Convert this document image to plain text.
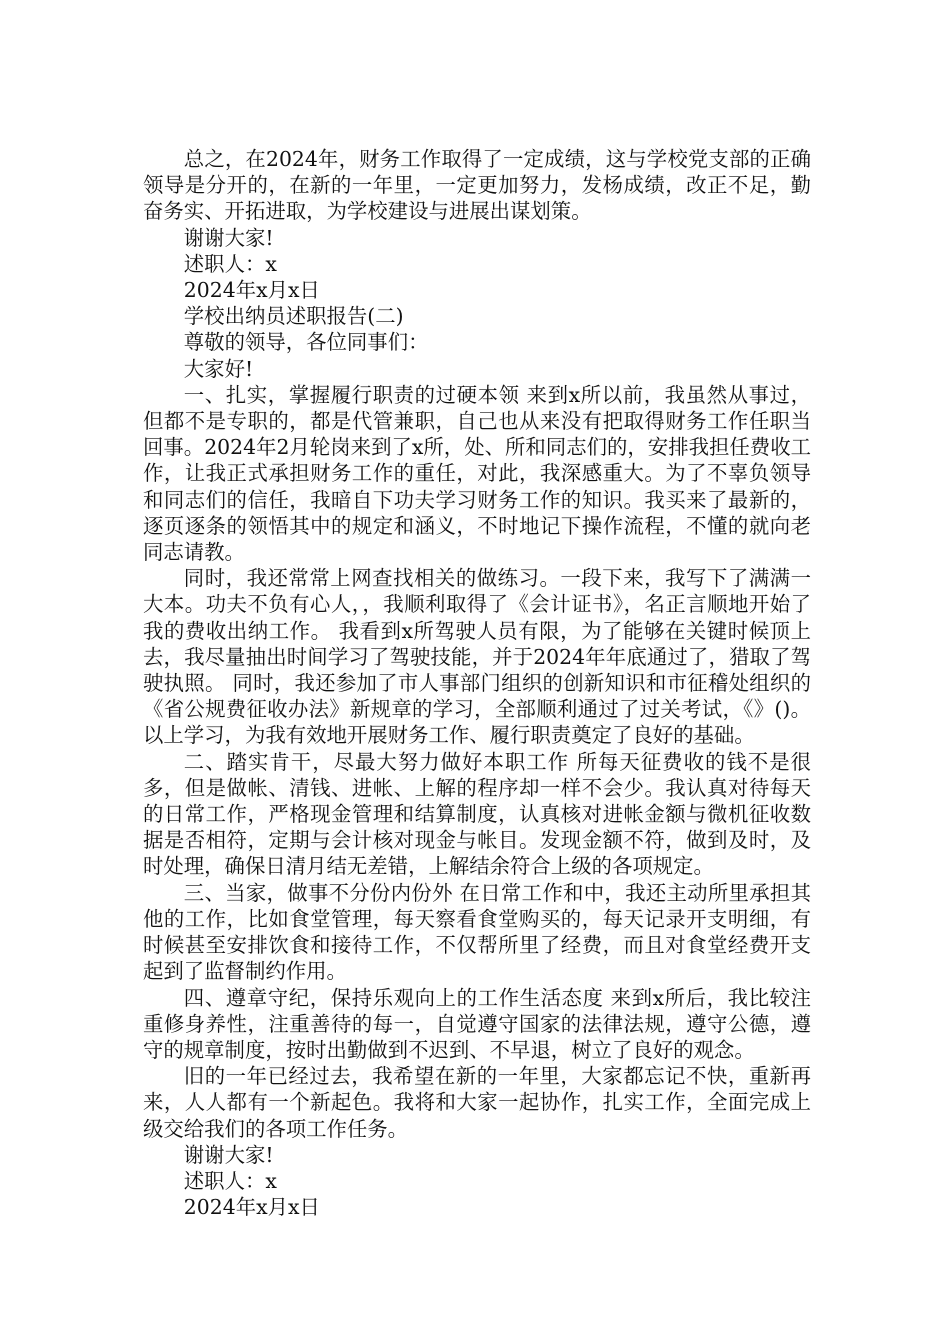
总之，在2024年，财务工作取得了一定成绩，这与学校党支部的正确领导是分开的，在新的一年里，一定更加努力，发杨成绩，改正不足，勤奋务实、开拓进取，为学校建设与进展出谋划策。

谢谢大家!

述职人：x

2024年x月x日

学校出纳员述职报告(二)

尊敬的领导，各位同事们：

大家好!

一、扎实，掌握履行职责的过硬本领 来到x所以前，我虽然从事过，但都不是专职的，都是代管兼职，自己也从来没有把取得财务工作任职当回事。2024年2月轮岗来到了x所，处、所和同志们的，安排我担任费收工作，让我正式承担财务工作的重任，对此，我深感重大。为了不辜负领导和同志们的信任，我暗自下功夫学习财务工作的知识。我买来了最新的，逐页逐条的领悟其中的规定和涵义，不时地记下操作流程，不懂的就向老同志请教。

同时，我还常常上网查找相关的做练习。一段下来，我写下了满满一大本。功夫不负有心人，，我顺利取得了《会计证书》，名正言顺地开始了我的费收出纳工作。 我看到x所驾驶人员有限，为了能够在关键时候顶上去，我尽量抽出时间学习了驾驶技能，并于2024年年底通过了，猎取了驾驶执照。 同时，我还参加了市人事部门组织的创新知识和市征稽处组织的《省公规费征收办法》新规章的学习，全部顺利通过了过关考试，《》()。 以上学习，为我有效地开展财务工作、履行职责奠定了良好的基础。

二、踏实肯干，尽最大努力做好本职工作 所每天征费收的钱不是很多，但是做帐、清钱、进帐、上解的程序却一样不会少。我认真对待每天的日常工作，严格现金管理和结算制度，认真核对进帐金额与微机征收数据是否相符，定期与会计核对现金与帐目。发现金额不符，做到及时，及时处理，确保日清月结无差错，上解结余符合上级的各项规定。

三、当家，做事不分份内份外 在日常工作和中，我还主动所里承担其他的工作，比如食堂管理，每天察看食堂购买的，每天记录开支明细，有时候甚至安排饮食和接待工作，不仅帮所里了经费，而且对食堂经费开支起到了监督制约作用。

四、遵章守纪，保持乐观向上的工作生活态度 来到x所后，我比较注重修身养性，注重善待的每一，自觉遵守国家的法律法规，遵守公德，遵守的规章制度，按时出勤做到不迟到、不早退，树立了良好的观念。

旧的一年已经过去，我希望在新的一年里，大家都忘记不快，重新再来，人人都有一个新起色。我将和大家一起协作，扎实工作，全面完成上级交给我们的各项工作任务。

谢谢大家!

述职人：x

2024年x月x日
